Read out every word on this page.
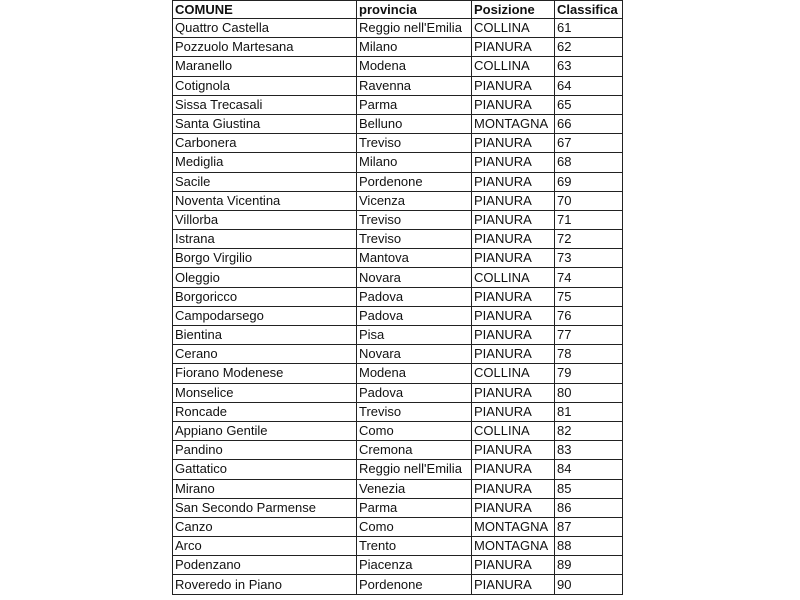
COMUNE	provincia	Posizione	Classifica
Quattro Castella	Reggio nell'Emilia	COLLINA	61
Pozzuolo Martesana	Milano	PIANURA	62
Maranello	Modena	COLLINA	63
Cotignola	Ravenna	PIANURA	64
Sissa Trecasali	Parma	PIANURA	65
Santa Giustina	Belluno	MONTAGNA	66
Carbonera	Treviso	PIANURA	67
Mediglia	Milano	PIANURA	68
Sacile	Pordenone	PIANURA	69
Noventa Vicentina	Vicenza	PIANURA	70
Villorba	Treviso	PIANURA	71
Istrana	Treviso	PIANURA	72
Borgo Virgilio	Mantova	PIANURA	73
Oleggio	Novara	COLLINA	74
Borgoricco	Padova	PIANURA	75
Campodarsego	Padova	PIANURA	76
Bientina	Pisa	PIANURA	77
Cerano	Novara	PIANURA	78
Fiorano Modenese	Modena	COLLINA	79
Monselice	Padova	PIANURA	80
Roncade	Treviso	PIANURA	81
Appiano Gentile	Como	COLLINA	82
Pandino	Cremona	PIANURA	83
Gattatico	Reggio nell'Emilia	PIANURA	84
Mirano	Venezia	PIANURA	85
San Secondo Parmense	Parma	PIANURA	86
Canzo	Como	MONTAGNA	87
Arco	Trento	MONTAGNA	88
Podenzano	Piacenza	PIANURA	89
Roveredo in Piano	Pordenone	PIANURA	90
